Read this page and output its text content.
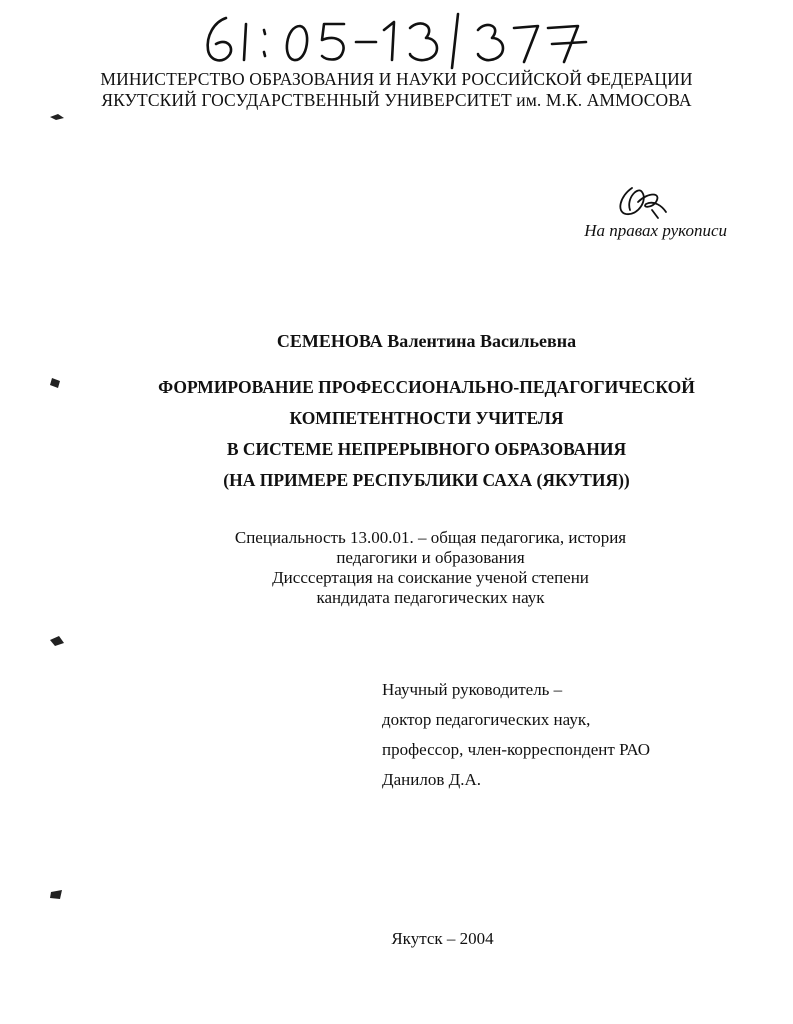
МИНИСТЕРСТВО ОБРАЗОВАНИЯ И НАУКИ РОССИЙСКОЙ ФЕДЕРАЦИИ
ЯКУТСКИЙ ГОСУДАРСТВЕННЫЙ УНИВЕРСИТЕТ им. М.К. АММОСОВА
На правах рукописи
СЕМЕНОВА Валентина Васильевна
ФОРМИРОВАНИЕ ПРОФЕССИОНАЛЬНО-ПЕДАГОГИЧЕСКОЙ
КОМПЕТЕНТНОСТИ УЧИТЕЛЯ
В СИСТЕМЕ НЕПРЕРЫВНОГО ОБРАЗОВАНИЯ
(НА ПРИМЕРЕ РЕСПУБЛИКИ САХА (ЯКУТИЯ))
Специальность 13.00.01. – общая педагогика, история
педагогики и образования
Дисссертация на соискание ученой степени
кандидата педагогических наук
Научный руководитель –
доктор педагогических наук,
профессор, член-корреспондент РАО
Данилов Д.А.
Якутск – 2004
